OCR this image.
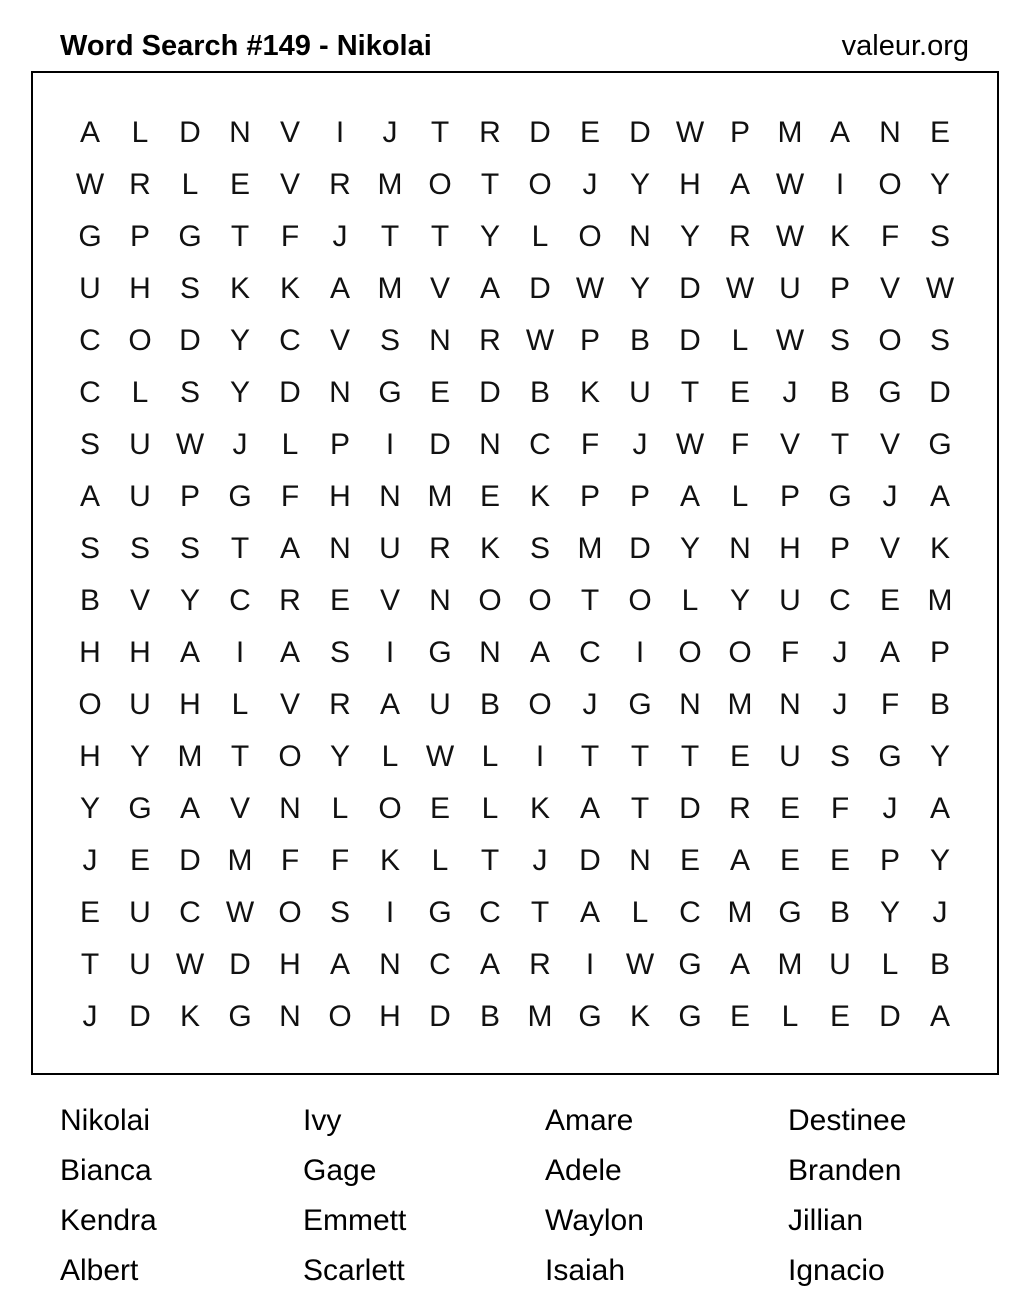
Word Search #149 - Nikolai	valeur.org
A	L	D N V	I	J	T	R D E D W P M A N E
W R	L	E V R M O T O	J	Y H A W	I	O Y
G P G T	F	J	T	T	Y	L O N Y R W K	F	S
U H S K K A M V A D W Y D W U P V W
C O D Y C V S N R W P B D	L W S O S
C	L	S Y D N G E D B K U	T	E	J	B G D
S U W J	L	P	I	D N C	F	J W F	V	T	V G
A U P G F	H N M E K P P A	L	P G	J	A
S S S	T	A N U R K S M D Y N H P V K
B V Y C R E V N O O T O L	Y U C E M
H H A	I	A S	I	G N A C	I	O O F	J	A P
O U H	L	V R A U B O	J	G N M N	J	F	B
H Y M T O Y	L W L	I	T	T	T	E U S G Y
Y G A V N	L O E	L	K A	T	D R E	F	J	A
J	E D M F	F	K	L	T	J	D N E A E E P Y
E U C W O S	I	G C	T	A	L	C M G B Y	J
T	U W D H A N C A R	I	W G A M U	L	B
J	D K G N O H D B M G K G E	L	E D A
Nikolai	Ivy	Amare	Destinee
Bianca	Gage	Adele	Branden
Kendra	Emmett	Waylon	Jillian
Albert	Scarlett	Isaiah	Ignacio
